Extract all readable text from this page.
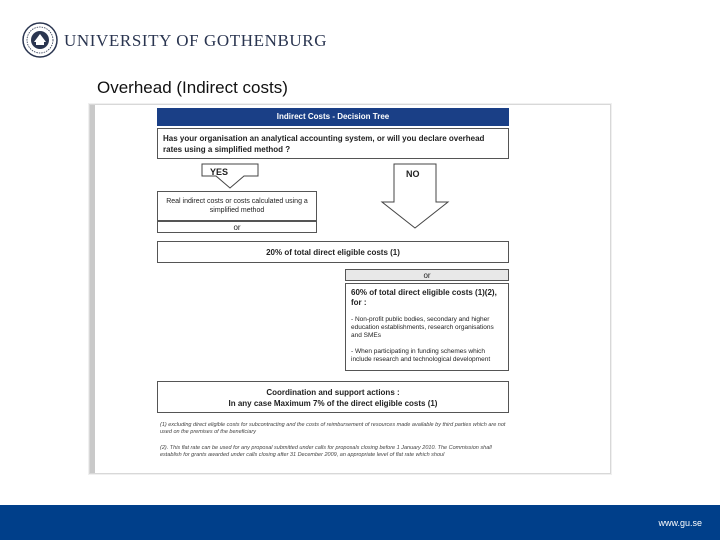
UNIVERSITY OF GOTHENBURG
Overhead (Indirect costs)
Indirect Costs - Decision Tree
Has your organisation an analytical accounting system, or will you declare overhead rates using a simplified method ?
YES	NO
Real indirect costs or costs calculated using a simplified method
or
20% of total direct eligible costs (1)
or
60% of total direct eligible costs (1)(2), for :
- Non-profit public bodies, secondary and higher education establishments, research organisations and SMEs
- When participating in funding schemes which include research and technological development
Coordination and support actions :
In any case Maximum 7% of the direct eligible costs (1)
(1) excluding direct eligible costs for subcontracting and the costs of reimbursement of resources made available by third parties which are not used on the premises of the beneficiary
(2). This flat rate can be used for any proposal submitted under calls for proposals closing before 1 January 2010. The Commission shall establish for grants awarded under calls closing after 31 December 2009, an appropriate level of flat rate which shoul
www.gu.se
